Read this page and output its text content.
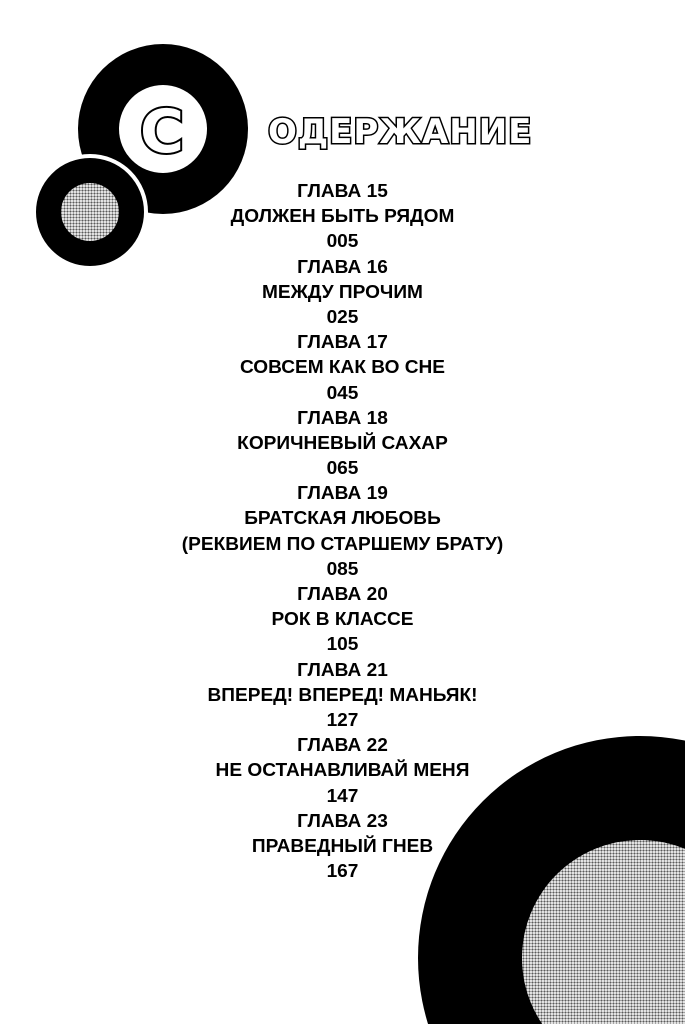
С	ОДЕРЖАНИЕ
ГЛАВА 15
ДОЛЖЕН БЫТЬ РЯДОМ
005
ГЛАВА 16
МЕЖДУ ПРОЧИМ
025
ГЛАВА 17
СОВСЕМ КАК ВО СНЕ
045
ГЛАВА 18
КОРИЧНЕВЫЙ САХАР
065
ГЛАВА 19
БРАТСКАЯ ЛЮБОВЬ
(РЕКВИЕМ ПО СТАРШЕМУ БРАТУ)
085
ГЛАВА 20
РОК В КЛАССЕ
105
ГЛАВА 21
ВПЕРЕД! ВПЕРЕД! МАНЬЯК!
127
ГЛАВА 22
НЕ ОСТАНАВЛИВАЙ МЕНЯ
147
ГЛАВА 23
ПРАВЕДНЫЙ ГНЕВ
167
